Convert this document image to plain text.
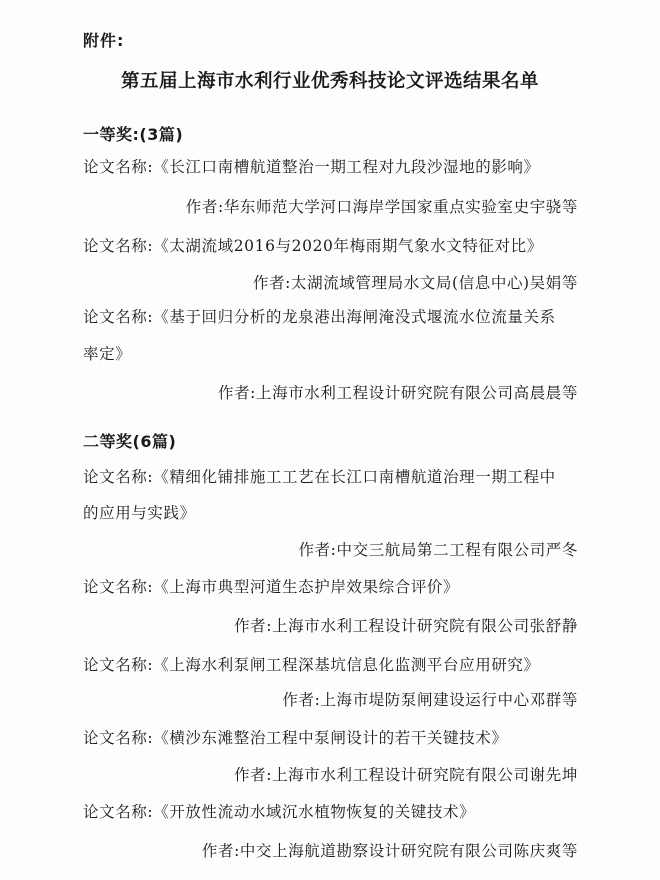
附件:
第五届上海市水利行业优秀科技论文评选结果名单
一等奖:(3篇)
论文名称:《长江口南槽航道整治一期工程对九段沙湿地的影响》
作者:华东师范大学河口海岸学国家重点实验室史宇骁等
论文名称:《太湖流域2016与2020年梅雨期气象水文特征对比》
作者:太湖流域管理局水文局(信息中心)吴娟等
论文名称:《基于回归分析的龙泉港出海闸淹没式堰流水位流量关系
率定》
作者:上海市水利工程设计研究院有限公司高晨晨等
二等奖(6篇)
论文名称:《精细化铺排施工工艺在长江口南槽航道治理一期工程中
的应用与实践》
作者:中交三航局第二工程有限公司严冬
论文名称:《上海市典型河道生态护岸效果综合评价》
作者:上海市水利工程设计研究院有限公司张舒静
论文名称:《上海水利泵闸工程深基坑信息化监测平台应用研究》
作者:上海市堤防泵闸建设运行中心邓群等
论文名称:《横沙东滩整治工程中泵闸设计的若干关键技术》
作者:上海市水利工程设计研究院有限公司谢先坤
论文名称:《开放性流动水域沉水植物恢复的关键技术》
作者:中交上海航道勘察设计研究院有限公司陈庆爽等
